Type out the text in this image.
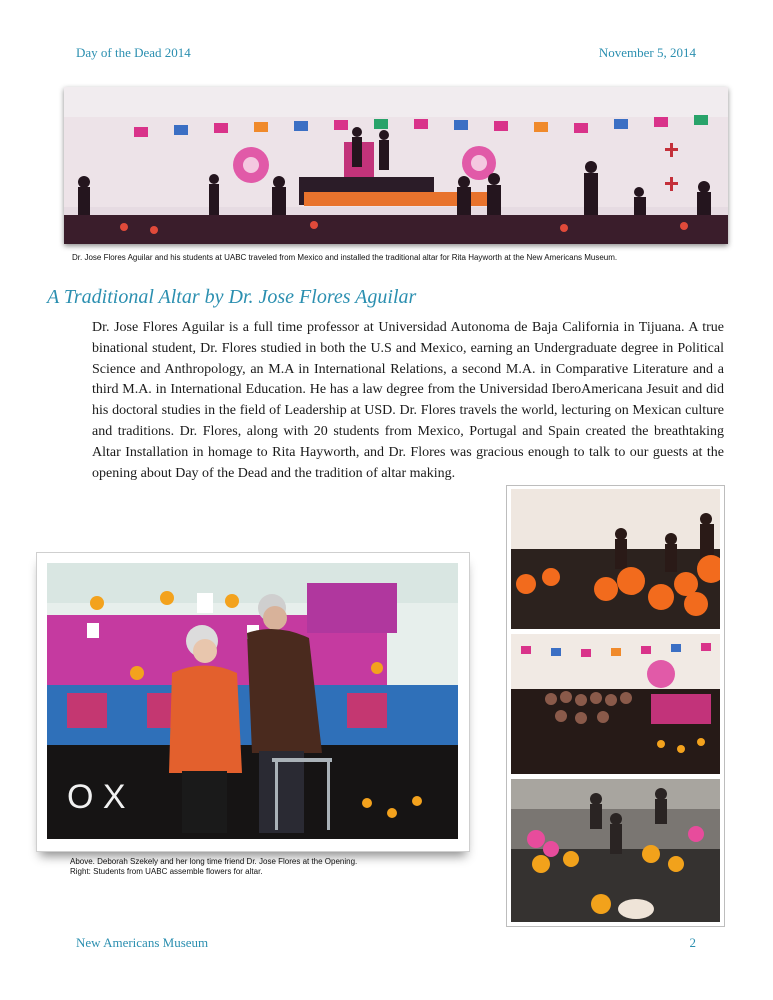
Day of the Dead 2014	November 5, 2014
Dr. Jose Flores Aguilar and his students at UABC traveled from Mexico and installed the traditional altar for Rita Hayworth at the New Americans Museum.
A Traditional Altar by Dr. Jose Flores Aguilar
Dr. Jose Flores Aguilar is a full time professor at Universidad Autonoma de Baja California in Tijuana. A true binational student, Dr. Flores studied in both the U.S and Mexico, earning an Undergraduate degree in Political Science and Anthropology, an M.A in International Relations, a second M.A. in Comparative Literature and a third M.A. in International Education. He has a law degree from the Universidad IberoAmericana Jesuit and did his doctoral studies in the field of Leadership at USD. Dr. Flores travels the world, lecturing on Mexican culture and traditions. Dr. Flores, along with 20 students from Mexico, Portugal and Spain created the breathtaking Altar Installation in homage to Rita Hayworth, and Dr. Flores was gracious enough to talk to our guests at the opening about Day of the Dead and the tradition of altar making.
O X
Above. Deborah Szekely and her long time friend Dr. Jose Flores at the Opening.
Right: Students from UABC assemble flowers for altar.
New Americans Museum	2
